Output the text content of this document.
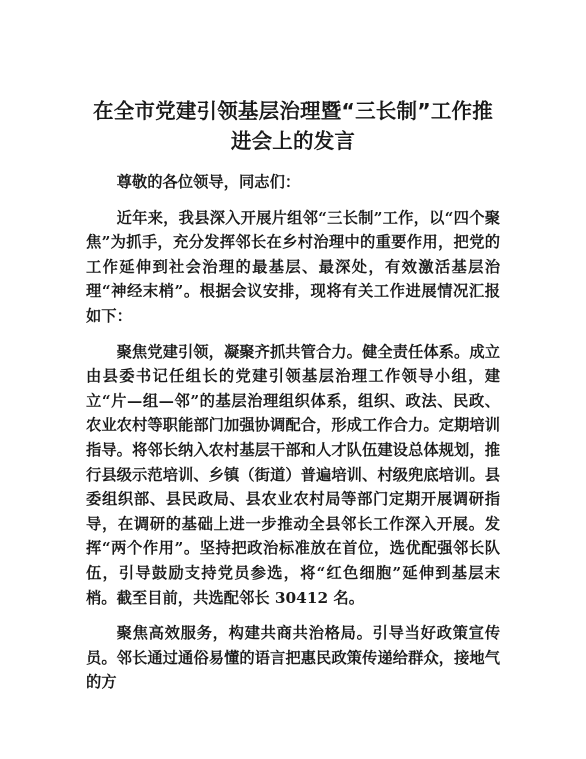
在全市党建引领基层治理暨“三长制”工作推进会上的发言

尊敬的各位领导，同志们：

近年来，我县深入开展片组邻“三长制”工作，以“四个聚焦”为抓手，充分发挥邻长在乡村治理中的重要作用，把党的工作延伸到社会治理的最基层、最深处，有效激活基层治理“神经末梢”。根据会议安排，现将有关工作进展情况汇报如下：

聚焦党建引领，凝聚齐抓共管合力。健全责任体系。成立由县委书记任组长的党建引领基层治理工作领导小组，建立“片—组—邻”的基层治理组织体系，组织、政法、民政、农业农村等职能部门加强协调配合，形成工作合力。定期培训指导。将邻长纳入农村基层干部和人才队伍建设总体规划，推行县级示范培训、乡镇（街道）普遍培训、村级兜底培训。县委组织部、县民政局、县农业农村局等部门定期开展调研指导，在调研的基础上进一步推动全县邻长工作深入开展。发挥“两个作用”。坚持把政治标准放在首位，选优配强邻长队伍，引导鼓励支持党员参选，将“红色细胞”延伸到基层末梢。截至目前，共选配邻长 30412 名。

聚焦高效服务，构建共商共治格局。引导当好政策宣传员。邻长通过通俗易懂的语言把惠民政策传递给群众，接地气的方
